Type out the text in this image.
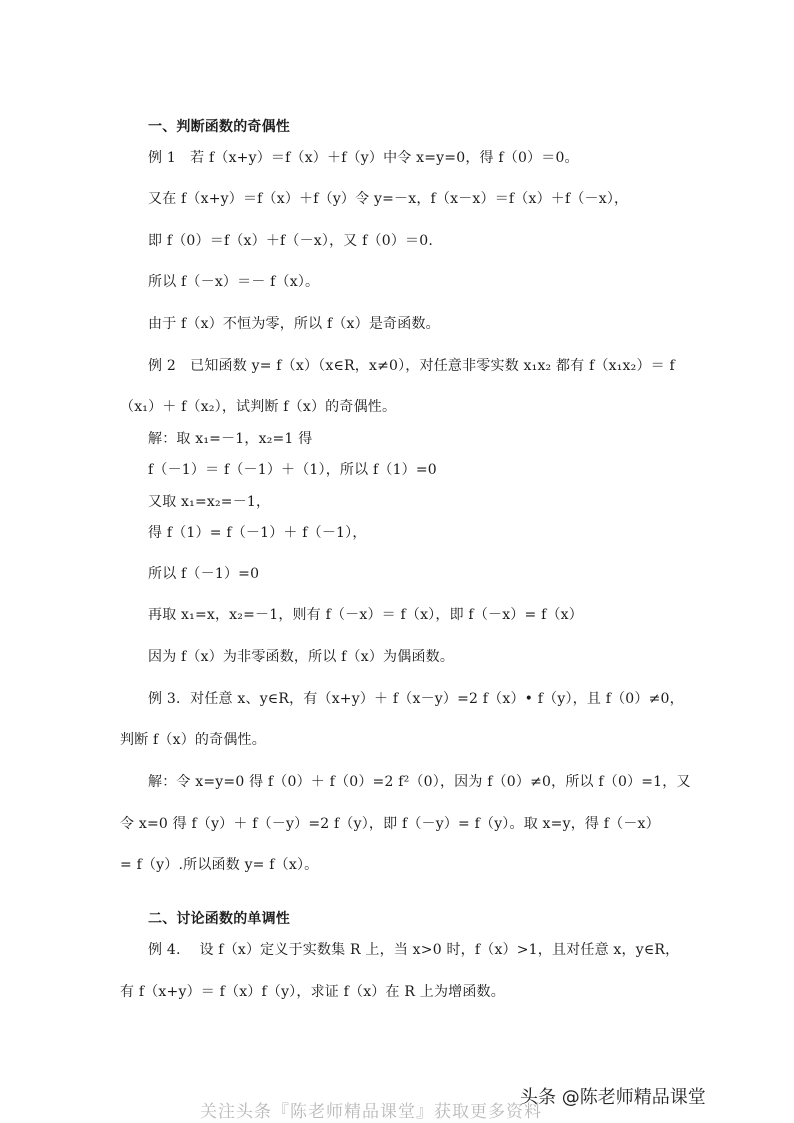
一、判断函数的奇偶性
例 1　若 f（x+y）＝f（x）＋f（y）中令 x=y=0，得 f（0）＝0。
又在 f（x+y）＝f（x）＋f（y）令 y=－x，f（x－x）＝f（x）＋f（－x），
即 f（0）＝f（x）＋f（－x），又 f（0）＝0.
所以 f（－x）＝－ f（x）。
由于 f（x）不恒为零，所以 f（x）是奇函数。
例 2　已知函数 y= f（x）（x∈R，x≠0），对任意非零实数 x₁x₂ 都有 f（x₁x₂）＝ f
（x₁）＋ f（x₂），试判断 f（x）的奇偶性。
解：取 x₁=－1，x₂=1 得
f（－1）＝ f（－1）＋（1），所以 f（1）=0
又取 x₁=x₂=－1，
得 f（1）= f（－1）＋ f（－1），
所以 f（－1）=0
再取 x₁=x，x₂=－1，则有 f（－x）＝ f（x），即 f（－x）= f（x）
因为 f（x）为非零函数，所以 f（x）为偶函数。
例 3．对任意 x、y∈R，有（x+y）＋ f（x－y）=2 f（x）• f（y），且 f（0）≠0，
判断 f（x）的奇偶性。
解：令 x=y=0 得 f（0）＋ f（0）=2 f²（0），因为 f（0）≠0，所以 f（0）=1，又
令 x=0 得 f（y）＋ f（－y）=2 f（y），即 f（－y）= f（y）。取 x=y，得 f（－x）
= f（y）.所以函数 y= f（x）。
二、讨论函数的单调性
例 4.　 设 f（x）定义于实数集 R 上，当 x>0 时，f（x）>1，且对任意 x，y∈R，
有 f（x+y）＝ f（x）f（y），求证 f（x）在 R 上为增函数。
关注头条『陈老师精品课堂』获取更多资料
头条 @陈老师精品课堂
